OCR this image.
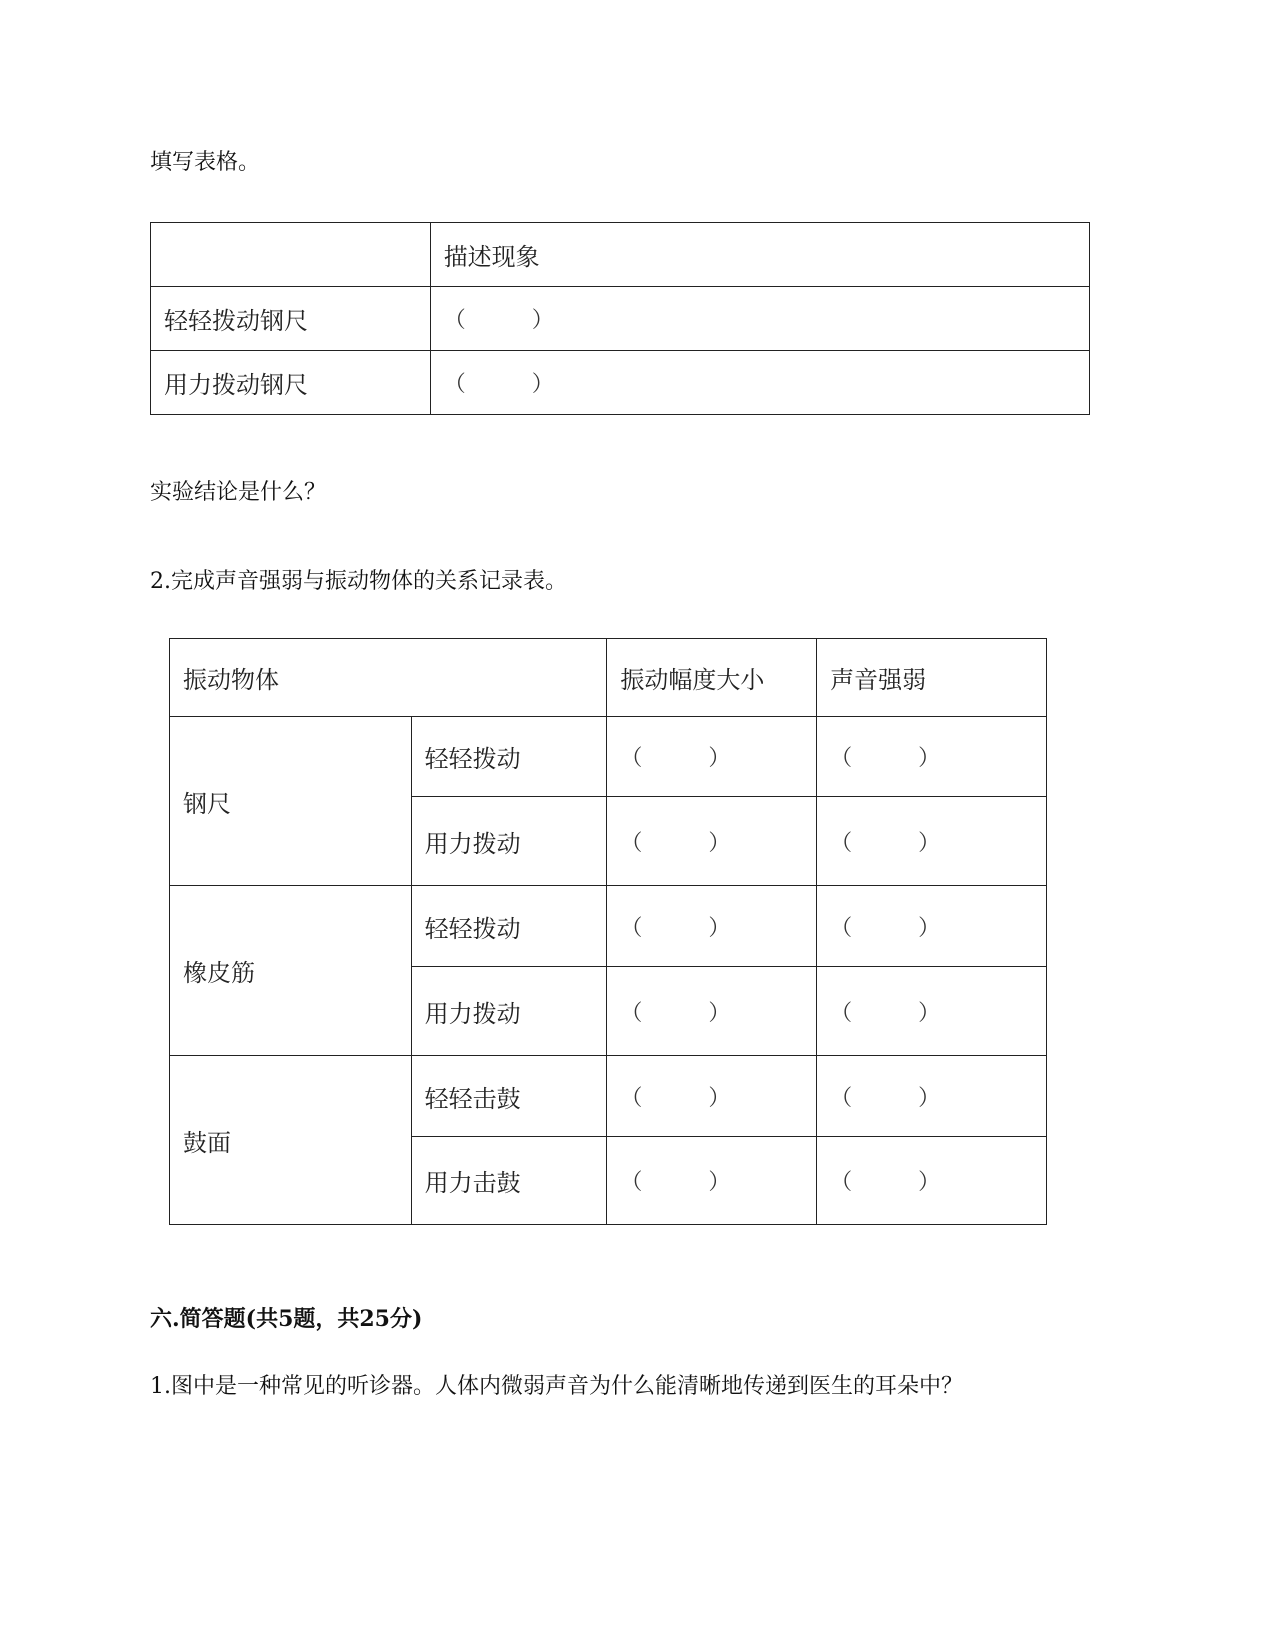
填写表格。
	描述现象
轻轻拨动钢尺	（　　　）
用力拨动钢尺	（　　　）
实验结论是什么？
2.完成声音强弱与振动物体的关系记录表。
振动物体		振动幅度大小	声音强弱
钢尺	轻轻拨动	（　　　）	（　　　）
	用力拨动	（　　　）	（　　　）
橡皮筋	轻轻拨动	（　　　）	（　　　）
	用力拨动	（　　　）	（　　　）
鼓面	轻轻击鼓	（　　　）	（　　　）
	用力击鼓	（　　　）	（　　　）
六.简答题(共5题，共25分)
1.图中是一种常见的听诊器。人体内微弱声音为什么能清晰地传递到医生的耳朵中？
